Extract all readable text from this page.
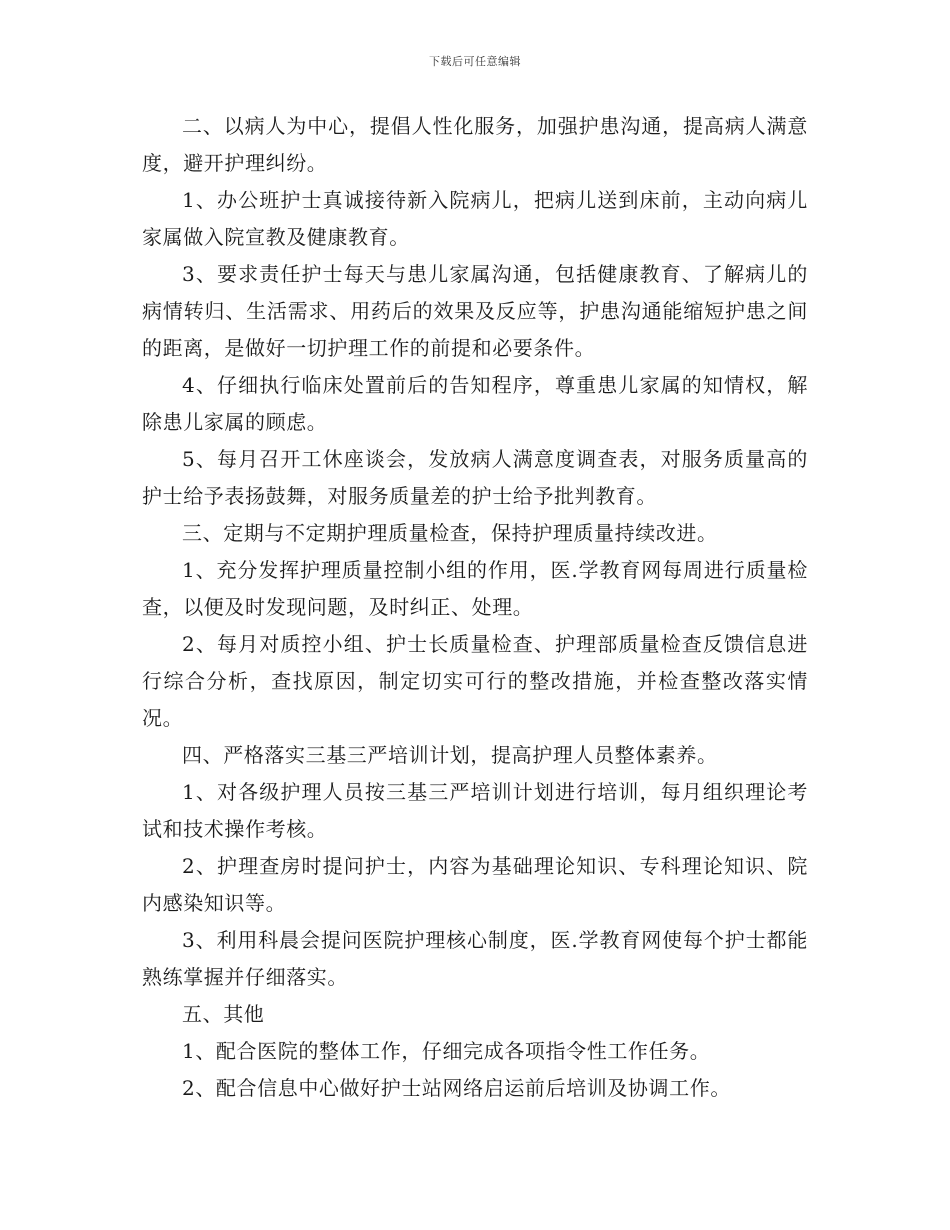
下载后可任意编辑

二、以病人为中心，提倡人性化服务，加强护患沟通，提高病人满意度，避开护理纠纷。

1、办公班护士真诚接待新入院病儿，把病儿送到床前，主动向病儿家属做入院宣教及健康教育。

3、要求责任护士每天与患儿家属沟通，包括健康教育、了解病儿的病情转归、生活需求、用药后的效果及反应等，护患沟通能缩短护患之间的距离，是做好一切护理工作的前提和必要条件。

4、仔细执行临床处置前后的告知程序，尊重患儿家属的知情权，解除患儿家属的顾虑。

5、每月召开工休座谈会，发放病人满意度调查表，对服务质量高的护士给予表扬鼓舞，对服务质量差的护士给予批判教育。

三、定期与不定期护理质量检查，保持护理质量持续改进。

1、充分发挥护理质量控制小组的作用，医.学教育网每周进行质量检查，以便及时发现问题，及时纠正、处理。

2、每月对质控小组、护士长质量检查、护理部质量检查反馈信息进行综合分析，查找原因，制定切实可行的整改措施，并检查整改落实情况。

四、严格落实三基三严培训计划，提高护理人员整体素养。

1、对各级护理人员按三基三严培训计划进行培训，每月组织理论考试和技术操作考核。

2、护理查房时提问护士，内容为基础理论知识、专科理论知识、院内感染知识等。

3、利用科晨会提问医院护理核心制度，医.学教育网使每个护士都能熟练掌握并仔细落实。

五、其他

1、配合医院的整体工作，仔细完成各项指令性工作任务。

2、配合信息中心做好护士站网络启运前后培训及协调工作。
